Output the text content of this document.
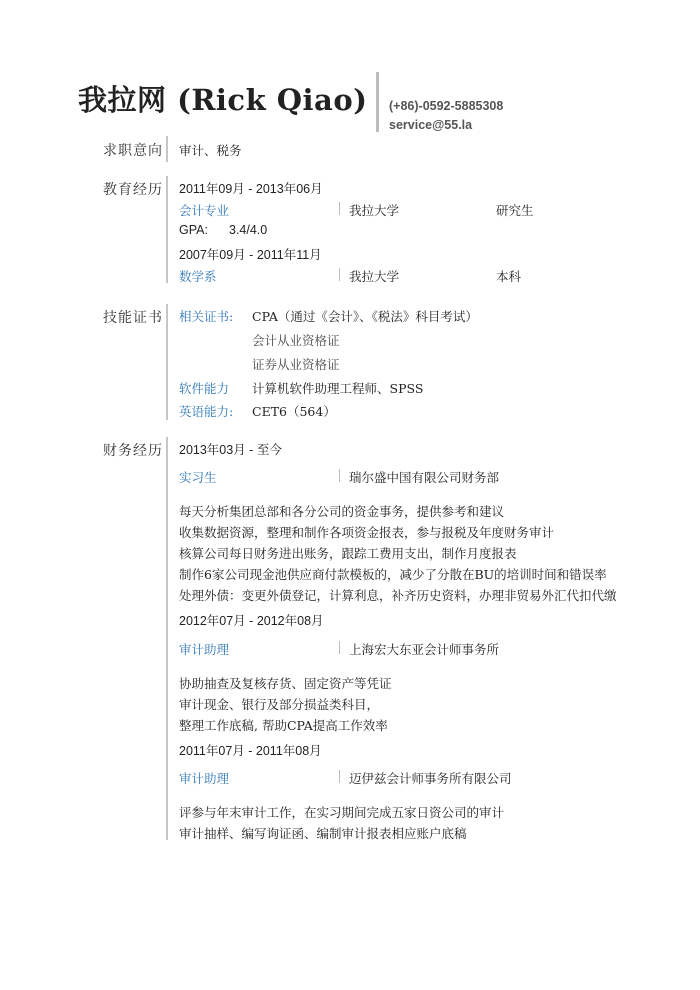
我拉网 (Rick Qiao) (+86)-0592-5885308
service@55.la
求职意向 审计、税务
教育经历 2011年09月 - 2013年06月
会计专业	我拉大学	研究生
GPA: 3.4/4.0
2007年09月 - 2011年11月
数学系	我拉大学	本科
技能证书 相关证书: CPA（通过《会计》、《税法》科目考试）
会计从业资格证
证券从业资格证
软件能力 计算机软件助理工程师、SPSS
英语能力: CET6（564）
财务经历 2013年03月 - 至今
实习生	瑞尔盛中国有限公司财务部
每天分析集团总部和各分公司的资金事务，提供参考和建议
收集数据资源，整理和制作各项资金报表，参与报税及年度财务审计
核算公司每日财务进出账务，跟踪工费用支出，制作月度报表
制作6家公司现金池供应商付款模板的，减少了分散在BU的培训时间和错误率
处理外债：变更外债登记，计算利息，补齐历史资料，办理非贸易外汇代扣代缴
2012年07月 - 2012年08月
审计助理	上海宏大东亚会计师事务所
协助抽查及复核存货、固定资产等凭证
审计现金、银行及部分损益类科目，
整理工作底稿, 帮助CPA提高工作效率
2011年07月 - 2011年08月
审计助理	迈伊兹会计师事务所有限公司
评参与年末审计工作，在实习期间完成五家日资公司的审计
审计抽样、编写询证函、编制审计报表相应账户底稿
